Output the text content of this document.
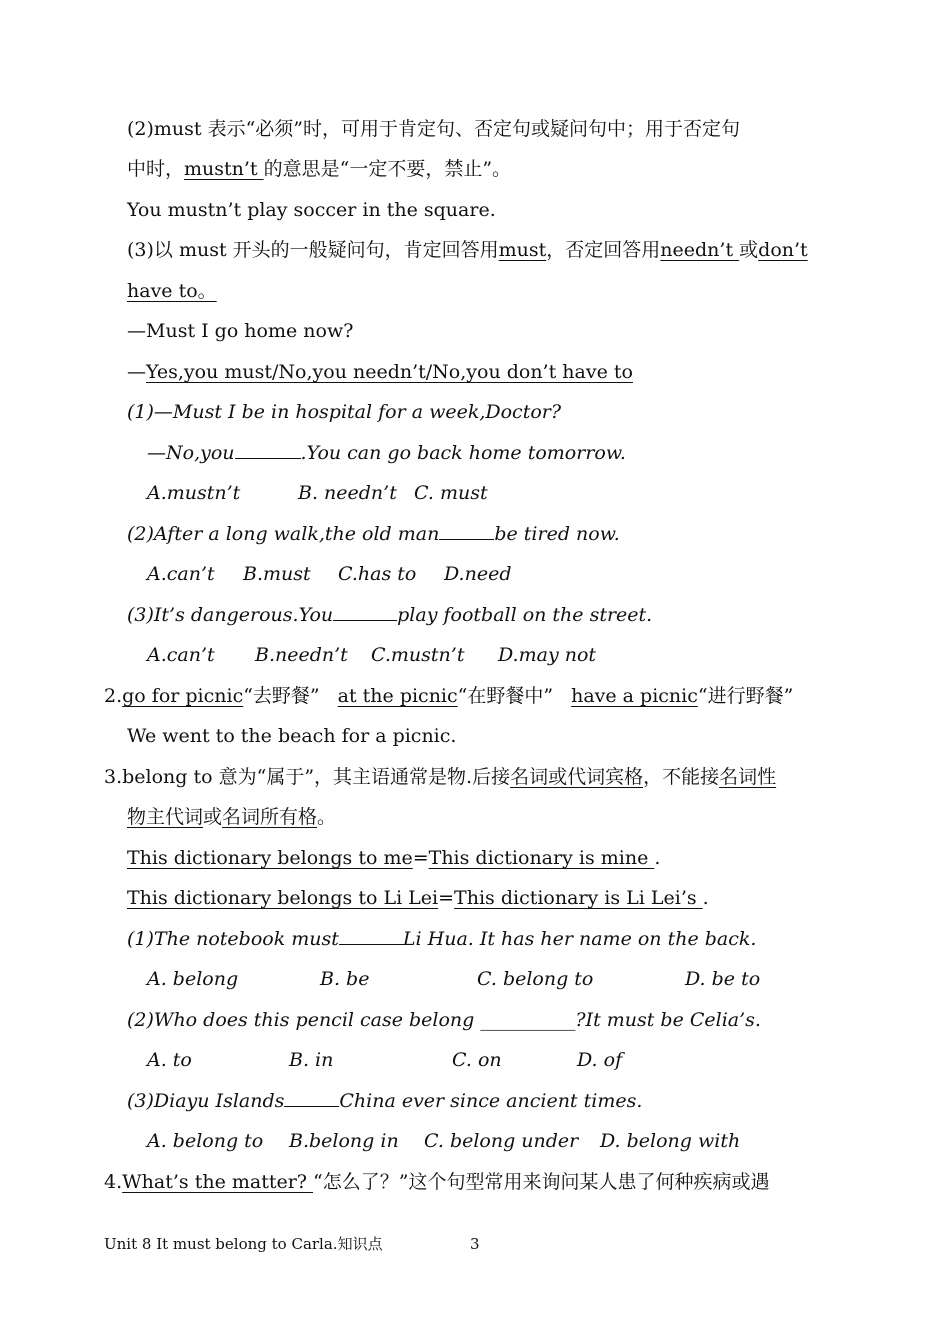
(2)must 表示“必须”时，可用于肯定句、否定句或疑问句中；用于否定句
中时，mustn’t 的意思是“一定不要，禁止”。
You mustn’t play soccer in the square.
(3)以 must 开头的一般疑问句，肯定回答用must，否定回答用needn’t 或don’t
have to。
—Must I go home now?
—Yes,you must/No,you needn’t/No,you don’t have to
(1)—Must I be in hospital for a week,Doctor?
—No,you	.You can go back home tomorrow.
A.mustn’t	B. needn’t C. must
(2)After a long walk,the old man	be tired now.
A.can’t B.must C.has to D.need
(3)It’s dangerous.You	play football on the street.
A.can’t B.needn’t C.mustn’t D.may not
2.go for picnic“去野餐” at the picnic“在野餐中” have a picnic“进行野餐”
We went to the beach for a picnic.
3.belong to 意为“属于”，其主语通常是物.后接名词或代词宾格，不能接名词性
物主代词或名词所有格。
This dictionary belongs to me=This dictionary is mine .
This dictionary belongs to Li Lei=This dictionary is Li Lei’s .
(1)The notebook must	Li Hua. It has her name on the back.
A. belong	B. be	C. belong to	D. be to
(2)Who does this pencil case belong __________?It must be Celia’s.
A. to	B. in	C. on	D. of
(3)Diayu Islands	China ever since ancient times.
A. belong to B.belong in C. belong under D. belong with
4.What’s the matter? “怎么了？”这个句型常用来询问某人患了何种疾病或遇
Unit 8 It must belong to Carla.知识点	3
